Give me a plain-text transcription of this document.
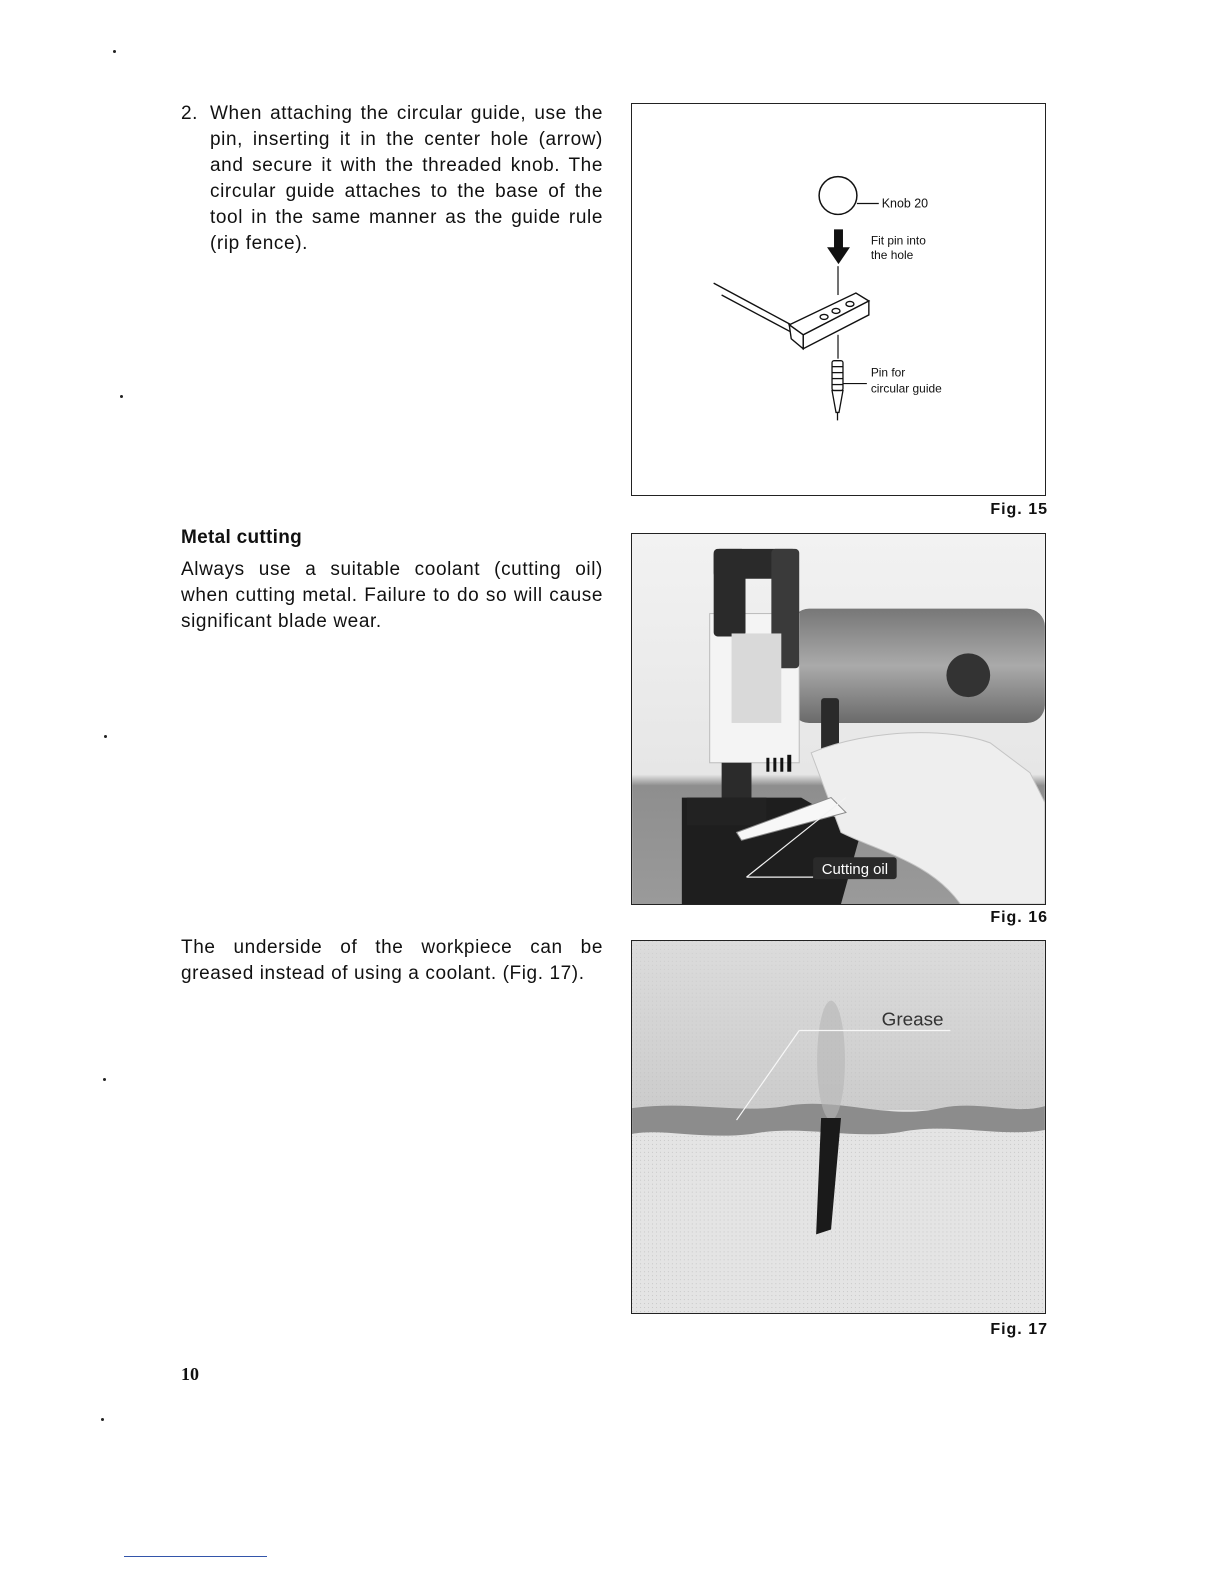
2. When attaching the circular guide, use the pin, inserting it in the center hole (arrow) and secure it with the threaded knob. The circular guide attaches to the base of the tool in the same manner as the guide rule (rip fence).
Metal cutting
Always use a suitable coolant (cutting oil) when cutting metal. Failure to do so will cause significant blade wear.
The underside of the workpiece can be greased instead of using a coolant. (Fig. 17).
Knob 20
Fit pin into
the hole
Pin for
circular guide
Fig. 15
Cutting oil
Fig. 16
Grease
Fig. 17
10
